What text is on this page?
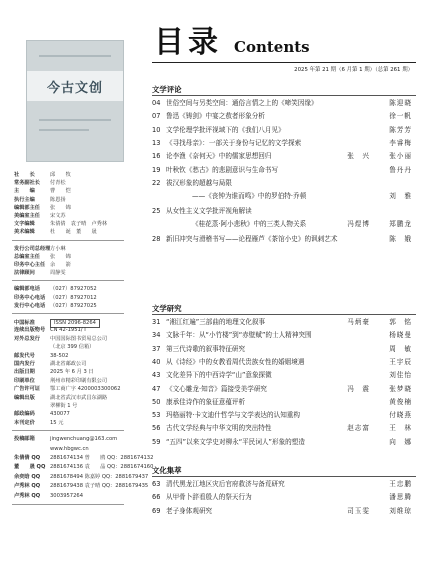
今古文创
社　　长	邱　　牧
常务副社长 付青松
主　　编	曹　　恺
执行主编	陈恩扬
编辑部主任 张　　锦
美编室主任 宋文苏
文字编辑	朱倩倩　袁子晴　卢秀林
美术编辑	杜　　诞　董　　晟
发行公司总经理方小琳
总编室主任 张　　锦
印务中心主任 余　　箭
法律顾问	周静雯
编辑部电话 （027）87927052
印务中心电话 （027）87927012
发行中心电话 （027）87927025
中国标准	ISSN 2096-8264
连续出版物号 CN 42-1951/ I
对外总发行 中国国际图书贸易总公司
（北京 399 信箱）
邮发代号	38-502
国内发行	湖北省邮政公司
出版日期	2025 年 6 月 3 日
印刷单位	荆州市精彩印刷有限公司
广告许可证 鄂工商广字 4200003300062
编辑出版	湖北省武汉市武昌东湖路
翠柳街 1 号
邮政编码	430077
本刊定价	15 元
投稿邮箱	jingwenchuang@163.com
www.hbgwc.cn
朱倩倩 QQ 2881674134 曾　　鸥 QQ：2881674132
董　　晟 QQ 2881674136 袁　　晶 QQ：2881674160
余奕晗 QQ 2881678494 陈嘉婷 QQ：2881679437
卢秀林 QQ 2881679438 袁子晴 QQ：2881679435
卢秀林 QQ 3003957264
目录 Contents
2025 年第 21 期（6 月第 1 期）（总第 261 期）
文学评论
04 世俗空间与另类空间：通俗言情之上的《啼笑因缘》	陈迎晓
07 鲁迅《铸剑》中宴之敖者形象分析	徐一帆
10 文学伦理学批评视域下的《我们八月见》	陈芳芳
13 《寻找母亲》：一部关于身份与记忆的文学探索	李睿梅
16 论李渔《奈何天》中的儒家思想回归	张　兴	张小丽
19 叶秋钦《愁古》的悲剧意识与生命书写	鲁丹丹
22 祓汉形象的超越与局限
——《丧钟为谁而鸣》中的罗伯特·乔顿	刘　雅
25 从女性主义文学批评视角解读
《桂花蒸·阿小悲秋》中的三类人物关系	冯煜博	郑鹏龙
28 新旧冲突与滑稽书写——论程雁芦《茶馆小史》的讽刺艺术	陈　娥
文学研究
31 “湘江红遍”三部曲的地理文化叙事	马炳豪	郭　铭
34 文脉千年：从“小竹楼”到“赤壁赋”的士人精神突围	杨晓曼
37 第三代诗歌的叙事特征研究	周　敏
40 从《诗经》中的女教看周代贵族女性的婚姻境遇	王宇辰
43 文化差异下的中西诗学“山”意象探微	刘佳怡
47 《文心雕龙·知音》篇接受美学研究	冯　震	张梦晓
50 康承佳诗作的象征意蕴评析	黄俊楠
53 玛格丽特·卡文迪什哲学与文学表达的认知重构	付晓燕
56 古代文学经典与中华文明的突出特性	赵志富	王　林
59 “五四”以来文学史对柳永“平民词人”形象的塑造	向　娜
文化集萃
63 清代黑龙江地区灾后官府救济与备荒研究	王忠鹏
66 从甲骨卜辞看殷人的祭天行为	潘思腾
69 老子身体观研究	司玉雯	刘维琼
